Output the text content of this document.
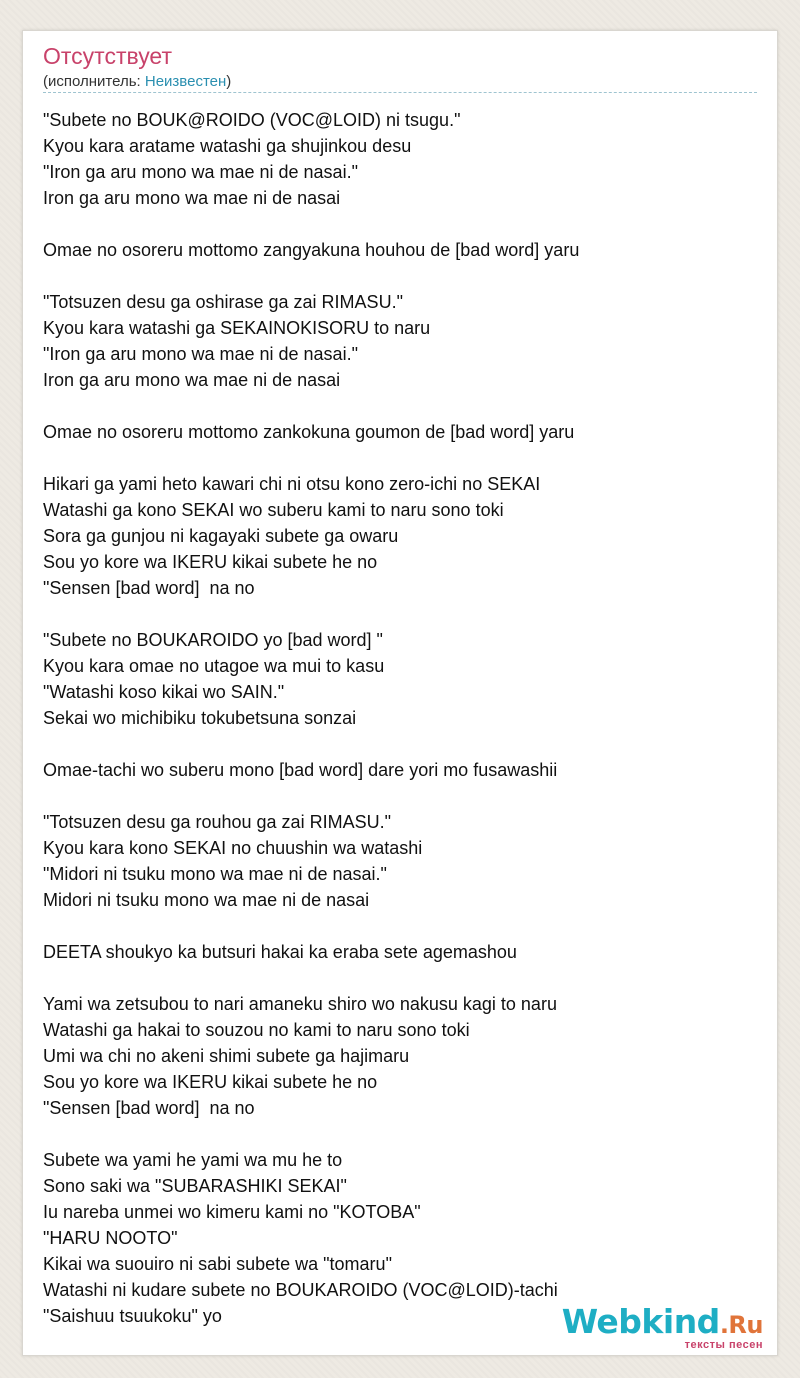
Отсутствует
(исполнитель: Неизвестен)
"Subete no BOUK@ROIDO (VOC@LOID) ni tsugu."
Kyou kara aratame watashi ga shujinkou desu
"Iron ga aru mono wa mae ni de nasai."
Iron ga aru mono wa mae ni de nasai
Omae no osoreru mottomo zangyakuna houhou de [bad word] yaru
"Totsuzen desu ga oshirase ga zai RIMASU."
Kyou kara watashi ga SEKAINOKISORU to naru
"Iron ga aru mono wa mae ni de nasai."
Iron ga aru mono wa mae ni de nasai
Omae no osoreru mottomo zankokuna goumon de [bad word] yaru
Hikari ga yami heto kawari chi ni otsu kono zero-ichi no SEKAI
Watashi ga kono SEKAI wo suberu kami to naru sono toki
Sora ga gunjou ni kagayaki subete ga owaru
Sou yo kore wa IKERU kikai subete he no
"Sensen [bad word]  na no
"Subete no BOUKAROIDO yo [bad word] "
Kyou kara omae no utagoe wa mui to kasu
"Watashi koso kikai wo SAIN."
Sekai wo michibiku tokubetsuna sonzai
Omae-tachi wo suberu mono [bad word] dare yori mo fusawashii
"Totsuzen desu ga rouhou ga zai RIMASU."
Kyou kara kono SEKAI no chuushin wa watashi
"Midori ni tsuku mono wa mae ni de nasai."
Midori ni tsuku mono wa mae ni de nasai
DEETA shoukyo ka butsuri hakai ka eraba sete agemashou
Yami wa zetsubou to nari amaneku shiro wo nakusu kagi to naru
Watashi ga hakai to souzou no kami to naru sono toki
Umi wa chi no akeni shimi subete ga hajimaru
Sou yo kore wa IKERU kikai subete he no
"Sensen [bad word]  na no
Subete wa yami he yami wa mu he to
Sono saki wa "SUBARASHIKI SEKAI"
Iu nareba unmei wo kimeru kami no "KOTOBA"
"HARU NOOTO"
Kikai wa suouiro ni sabi subete wa "tomaru"
Watashi ni kudare subete no BOUKAROIDO (VOC@LOID)-tachi
"Saishuu tsuukoku" yo	Webkind.Ru
тексты песен
